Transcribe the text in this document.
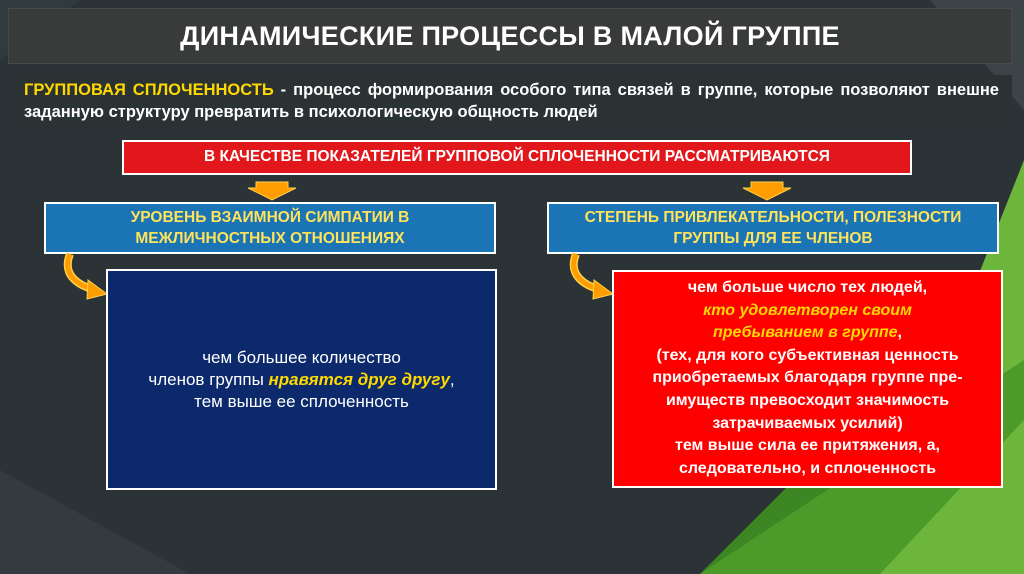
ДИНАМИЧЕСКИЕ ПРОЦЕССЫ В МАЛОЙ ГРУППЕ
ГРУППОВАЯ СПЛОЧЕННОСТЬ - процесс формирования особого типа связей в группе, которые позволяют внешне заданную структуру превратить в психологическую общность людей
В КАЧЕСТВЕ ПОКАЗАТЕЛЕЙ ГРУППОВОЙ СПЛОЧЕННОСТИ РАССМАТРИВАЮТСЯ
УРОВЕНЬ ВЗАИМНОЙ СИМПАТИИ В
МЕЖЛИЧНОСТНЫХ ОТНОШЕНИЯХ
СТЕПЕНЬ ПРИВЛЕКАТЕЛЬНОСТИ, ПОЛЕЗНОСТИ
ГРУППЫ ДЛЯ ЕЕ ЧЛЕНОВ
чем большее количество
членов группы нравятся друг другу,
тем выше ее сплоченность
чем больше число тех людей,
кто удовлетворен своим
пребыванием в группе,
(тех, для кого субъективная ценность
приобретаемых благодаря группе пре-
имуществ превосходит значимость
затрачиваемых усилий)
тем выше сила ее притяжения, а,
следовательно, и сплоченность
